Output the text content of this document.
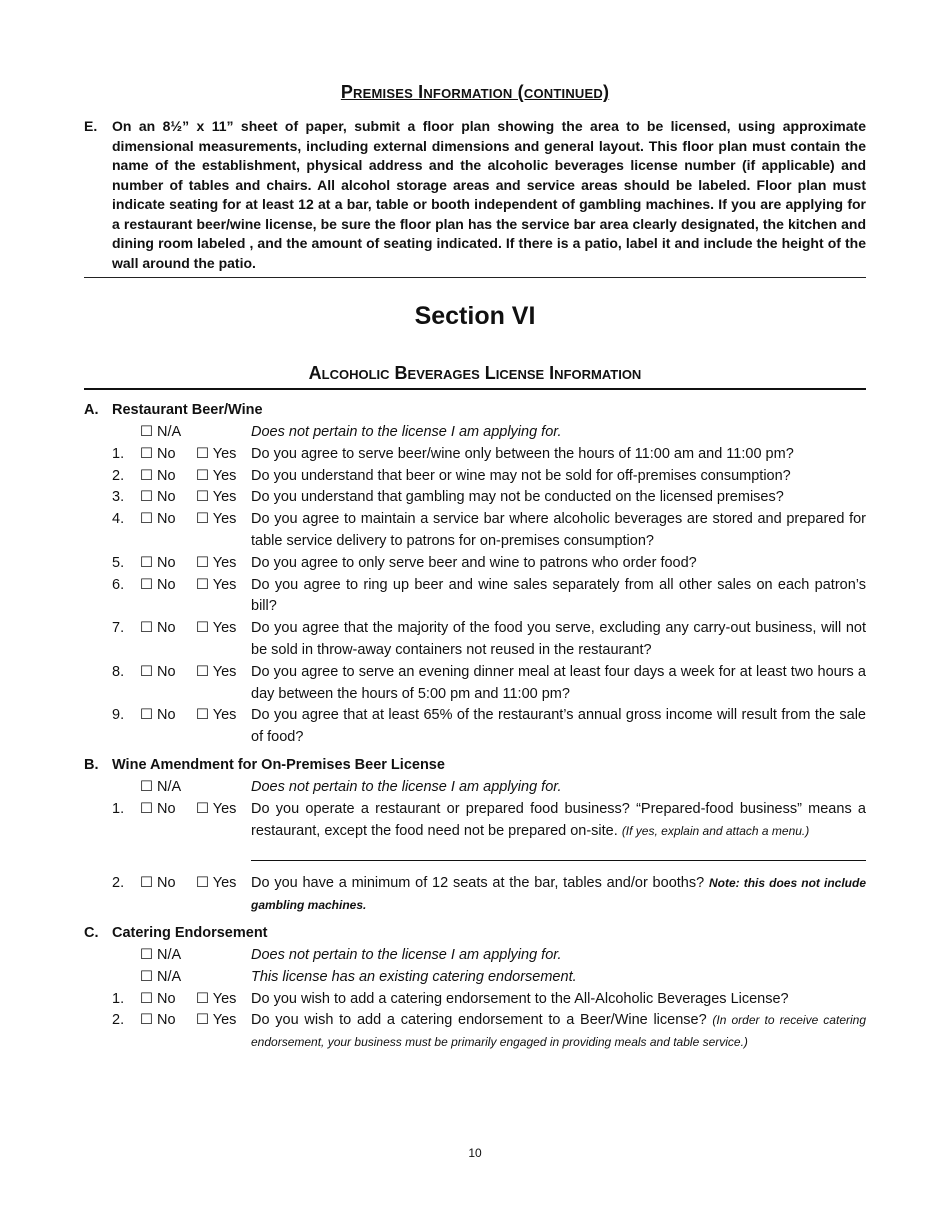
Premises Information (continued)
E. On an 8½” x 11” sheet of paper, submit a floor plan showing the area to be licensed, using approximate dimensional measurements, including external dimensions and general layout. This floor plan must contain the name of the establishment, physical address and the alcoholic beverages license number (if applicable) and number of tables and chairs. All alcohol storage areas and service areas should be labeled. Floor plan must indicate seating for at least 12 at a bar, table or booth independent of gambling machines. If you are applying for a restaurant beer/wine license, be sure the floor plan has the service bar area clearly designated, the kitchen and dining room labeled , and the amount of seating indicated. If there is a patio, label it and include the height of the wall around the patio.
Section VI
Alcoholic Beverages License Information
A. Restaurant Beer/Wine
☐ N/A	Does not pertain to the license I am applying for.
1. ☐ No ☐ Yes Do you agree to serve beer/wine only between the hours of 11:00 am and 11:00 pm?
2. ☐ No ☐ Yes Do you understand that beer or wine may not be sold for off-premises consumption?
3. ☐ No ☐ Yes Do you understand that gambling may not be conducted on the licensed premises?
4. ☐ No ☐ Yes Do you agree to maintain a service bar where alcoholic beverages are stored and prepared for table service delivery to patrons for on-premises consumption?
5. ☐ No ☐ Yes Do you agree to only serve beer and wine to patrons who order food?
6. ☐ No ☐ Yes Do you agree to ring up beer and wine sales separately from all other sales on each patron’s bill?
7. ☐ No ☐ Yes Do you agree that the majority of the food you serve, excluding any carry-out business, will not be sold in throw-away containers not reused in the restaurant?
8. ☐ No ☐ Yes Do you agree to serve an evening dinner meal at least four days a week for at least two hours a day between the hours of 5:00 pm and 11:00 pm?
9. ☐ No ☐ Yes Do you agree that at least 65% of the restaurant’s annual gross income will result from the sale of food?
B. Wine Amendment for On-Premises Beer License
☐ N/A	Does not pertain to the license I am applying for.
1. ☐ No ☐ Yes Do you operate a restaurant or prepared food business? “Prepared-food business” means a restaurant, except the food need not be prepared on-site. (If yes, explain and attach a menu.)
2. ☐ No ☐ Yes Do you have a minimum of 12 seats at the bar, tables and/or booths? Note: this does not include gambling machines.
C. Catering Endorsement
☐ N/A	Does not pertain to the license I am applying for.
☐ N/A	This license has an existing catering endorsement.
1. ☐ No ☐ Yes Do you wish to add a catering endorsement to the All-Alcoholic Beverages License?
2. ☐ No ☐ Yes Do you wish to add a catering endorsement to a Beer/Wine license? (In order to receive catering endorsement, your business must be primarily engaged in providing meals and table service.)
10
